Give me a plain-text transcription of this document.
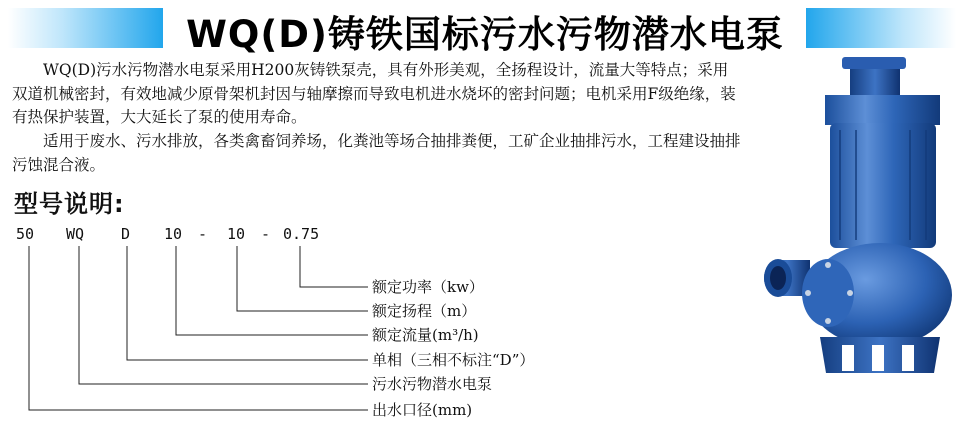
WQ(D)铸铁国标污水污物潜水电泵

WQ(D)污水污物潜水电泵采用H200灰铸铁泵壳，具有外形美观，全扬程设计，流量大等特点；采用双道机械密封，有效地减少原骨架机封因与轴摩擦而导致电机进水烧坏的密封问题；电机采用F级绝缘，装有热保护装置，大大延长了泵的使用寿命。

适用于废水、污水排放，各类禽畜饲养场，化粪池等场合抽排粪便，工矿企业抽排污水，工程建设抽排污蚀混合液。

型号说明:
50 WQ D 10 - 10 - 0.75
额定功率（kw）
额定扬程（m）
额定流量(m³/h)
单相（三相不标注“D”）
污水污物潜水电泵
出水口径(mm)
